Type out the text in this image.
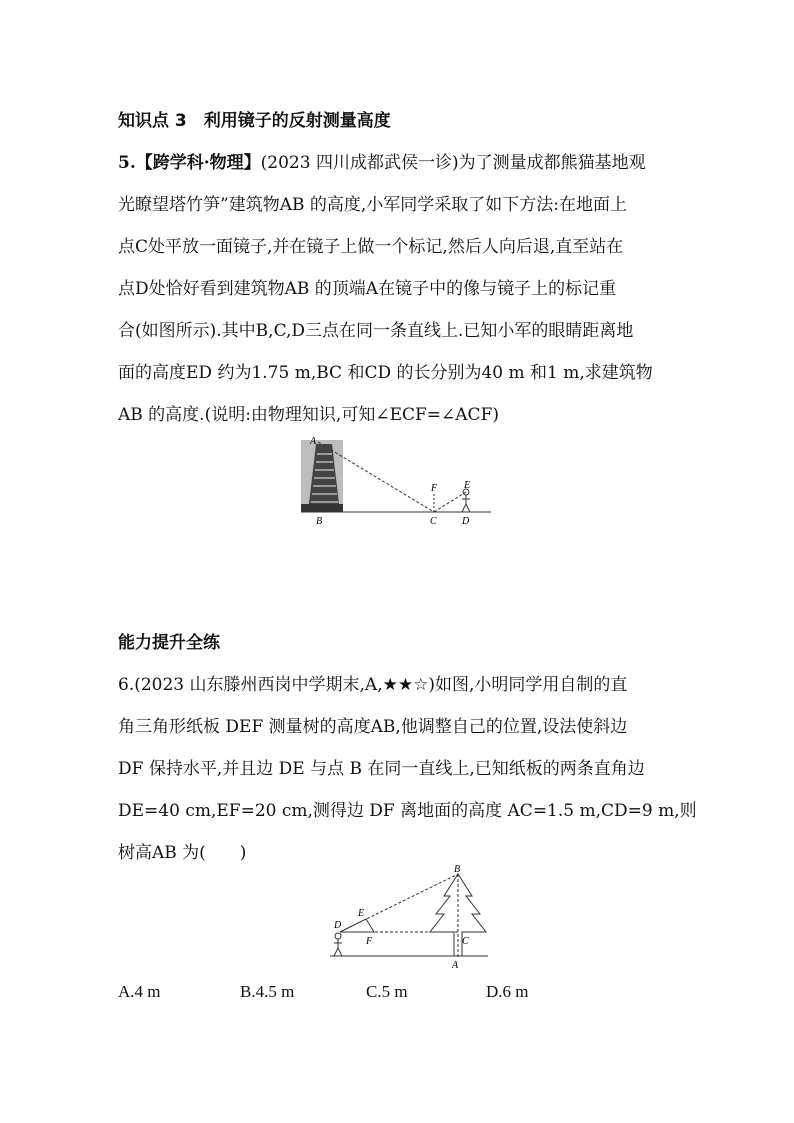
知识点 3　利用镜子的反射测量高度
5.【跨学科·物理】(2023 四川成都武侯一诊)为了测量成都熊猫基地观
光瞭望塔竹笋”建筑物AB 的高度,小军同学采取了如下方法:在地面上
点C处平放一面镜子,并在镜子上做一个标记,然后人向后退,直至站在
点D处恰好看到建筑物AB 的顶端A在镜子中的像与镜子上的标记重
合(如图所示).其中B,C,D三点在同一条直线上.已知小军的眼睛距离地
面的高度ED 约为1.75 m,BC 和CD 的长分别为40 m 和1 m,求建筑物
AB 的高度.(说明:由物理知识,可知∠ECF=∠ACF)
A
B
F
C
E
D
能力提升全练
6.(2023 山东滕州西岗中学期末,A,★★☆)如图,小明同学用自制的直
角三角形纸板 DEF 测量树的高度AB,他调整自己的位置,设法使斜边
DF 保持水平,并且边 DE 与点 B 在同一直线上,已知纸板的两条直角边
DE=40 cm,EF=20 cm,测得边 DF 离地面的高度 AC=1.5 m,CD=9 m,则
树高AB 为(　　)
B
E
D
F	C
A
A.4 m	B.4.5 m	C.5 m	D.6 m
